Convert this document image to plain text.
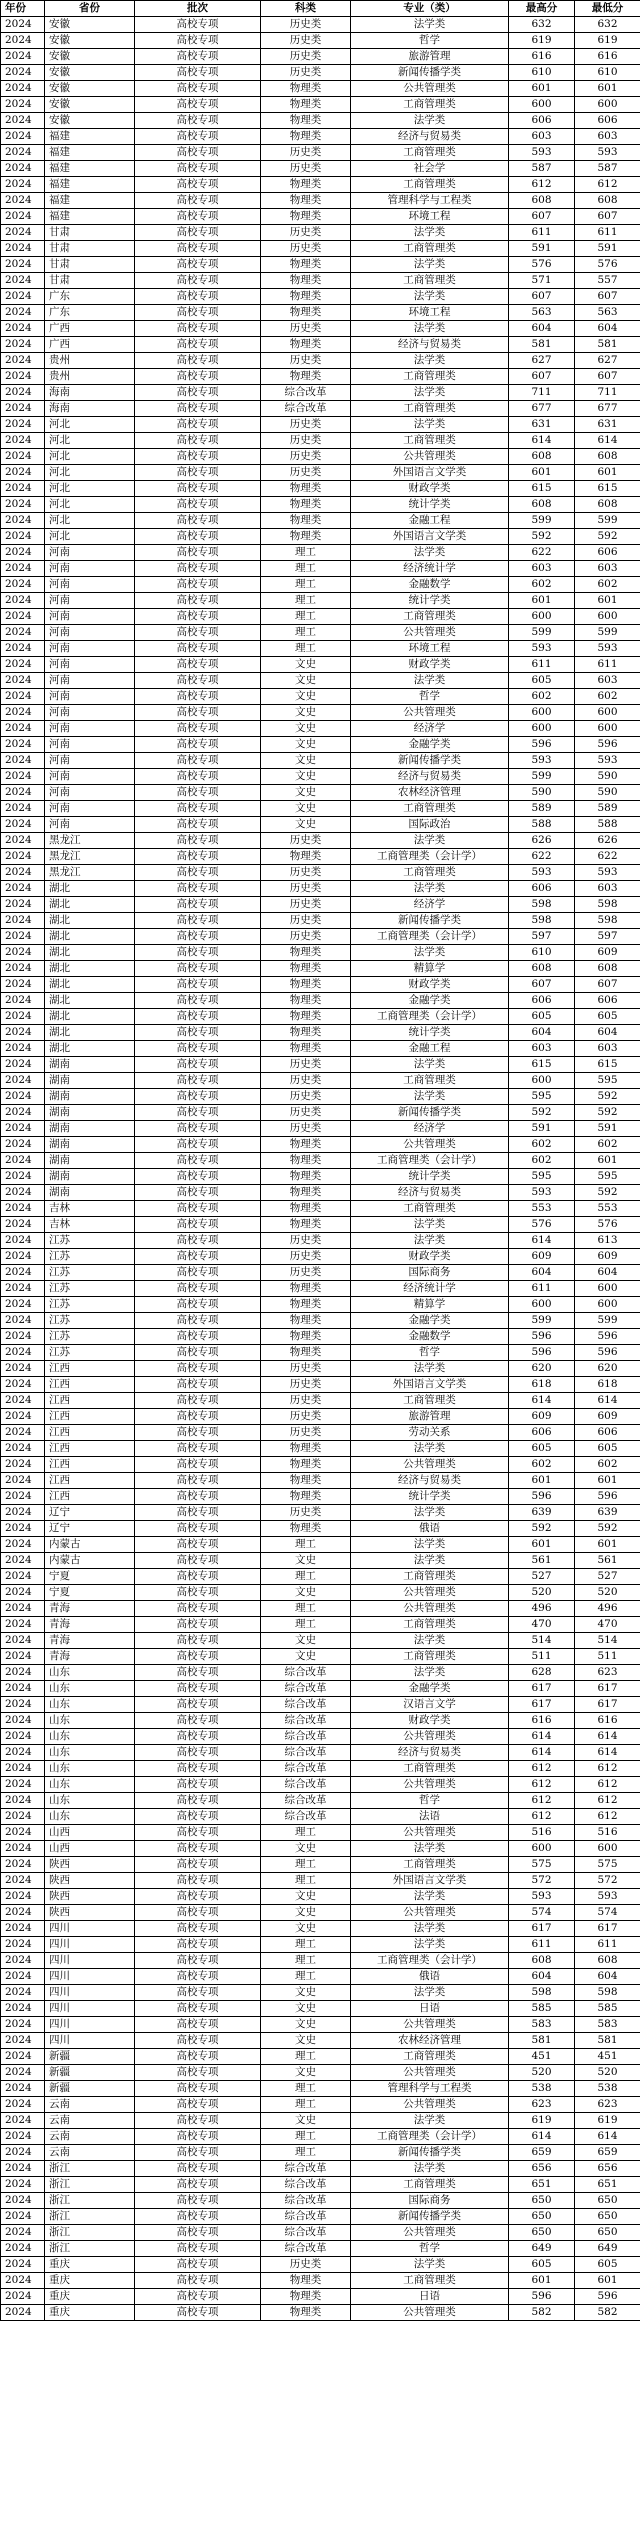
年份	省份	批次	科类	专业（类）	最高分	最低分
2024	安徽	高校专项	历史类	法学类	632	632
2024	安徽	高校专项	历史类	哲学	619	619
2024	安徽	高校专项	历史类	旅游管理	616	616
2024	安徽	高校专项	历史类	新闻传播学类	610	610
2024	安徽	高校专项	物理类	公共管理类	601	601
2024	安徽	高校专项	物理类	工商管理类	600	600
2024	安徽	高校专项	物理类	法学类	606	606
2024	福建	高校专项	物理类	经济与贸易类	603	603
2024	福建	高校专项	历史类	工商管理类	593	593
2024	福建	高校专项	历史类	社会学	587	587
2024	福建	高校专项	物理类	工商管理类	612	612
2024	福建	高校专项	物理类	管理科学与工程类	608	608
2024	福建	高校专项	物理类	环境工程	607	607
2024	甘肃	高校专项	历史类	法学类	611	611
2024	甘肃	高校专项	历史类	工商管理类	591	591
2024	甘肃	高校专项	物理类	法学类	576	576
2024	甘肃	高校专项	物理类	工商管理类	571	557
2024	广东	高校专项	物理类	法学类	607	607
2024	广东	高校专项	物理类	环境工程	563	563
2024	广西	高校专项	历史类	法学类	604	604
2024	广西	高校专项	物理类	经济与贸易类	581	581
2024	贵州	高校专项	历史类	法学类	627	627
2024	贵州	高校专项	物理类	工商管理类	607	607
2024	海南	高校专项	综合改革	法学类	711	711
2024	海南	高校专项	综合改革	工商管理类	677	677
2024	河北	高校专项	历史类	法学类	631	631
2024	河北	高校专项	历史类	工商管理类	614	614
2024	河北	高校专项	历史类	公共管理类	608	608
2024	河北	高校专项	历史类	外国语言文学类	601	601
2024	河北	高校专项	物理类	财政学类	615	615
2024	河北	高校专项	物理类	统计学类	608	608
2024	河北	高校专项	物理类	金融工程	599	599
2024	河北	高校专项	物理类	外国语言文学类	592	592
2024	河南	高校专项	理工	法学类	622	606
2024	河南	高校专项	理工	经济统计学	603	603
2024	河南	高校专项	理工	金融数学	602	602
2024	河南	高校专项	理工	统计学类	601	601
2024	河南	高校专项	理工	工商管理类	600	600
2024	河南	高校专项	理工	公共管理类	599	599
2024	河南	高校专项	理工	环境工程	593	593
2024	河南	高校专项	文史	财政学类	611	611
2024	河南	高校专项	文史	法学类	605	603
2024	河南	高校专项	文史	哲学	602	602
2024	河南	高校专项	文史	公共管理类	600	600
2024	河南	高校专项	文史	经济学	600	600
2024	河南	高校专项	文史	金融学类	596	596
2024	河南	高校专项	文史	新闻传播学类	593	593
2024	河南	高校专项	文史	经济与贸易类	599	590
2024	河南	高校专项	文史	农林经济管理	590	590
2024	河南	高校专项	文史	工商管理类	589	589
2024	河南	高校专项	文史	国际政治	588	588
2024	黑龙江	高校专项	历史类	法学类	626	626
2024	黑龙江	高校专项	物理类	工商管理类（会计学）	622	622
2024	黑龙江	高校专项	历史类	工商管理类	593	593
2024	湖北	高校专项	历史类	法学类	606	603
2024	湖北	高校专项	历史类	经济学	598	598
2024	湖北	高校专项	历史类	新闻传播学类	598	598
2024	湖北	高校专项	历史类	工商管理类（会计学）	597	597
2024	湖北	高校专项	物理类	法学类	610	609
2024	湖北	高校专项	物理类	精算学	608	608
2024	湖北	高校专项	物理类	财政学类	607	607
2024	湖北	高校专项	物理类	金融学类	606	606
2024	湖北	高校专项	物理类	工商管理类（会计学）	605	605
2024	湖北	高校专项	物理类	统计学类	604	604
2024	湖北	高校专项	物理类	金融工程	603	603
2024	湖南	高校专项	历史类	法学类	615	615
2024	湖南	高校专项	历史类	工商管理类	600	595
2024	湖南	高校专项	历史类	法学类	595	592
2024	湖南	高校专项	历史类	新闻传播学类	592	592
2024	湖南	高校专项	历史类	经济学	591	591
2024	湖南	高校专项	物理类	公共管理类	602	602
2024	湖南	高校专项	物理类	工商管理类（会计学）	602	601
2024	湖南	高校专项	物理类	统计学类	595	595
2024	湖南	高校专项	物理类	经济与贸易类	593	592
2024	吉林	高校专项	物理类	工商管理类	553	553
2024	吉林	高校专项	物理类	法学类	576	576
2024	江苏	高校专项	历史类	法学类	614	613
2024	江苏	高校专项	历史类	财政学类	609	609
2024	江苏	高校专项	历史类	国际商务	604	604
2024	江苏	高校专项	物理类	经济统计学	611	600
2024	江苏	高校专项	物理类	精算学	600	600
2024	江苏	高校专项	物理类	金融学类	599	599
2024	江苏	高校专项	物理类	金融数学	596	596
2024	江苏	高校专项	物理类	哲学	596	596
2024	江西	高校专项	历史类	法学类	620	620
2024	江西	高校专项	历史类	外国语言文学类	618	618
2024	江西	高校专项	历史类	工商管理类	614	614
2024	江西	高校专项	历史类	旅游管理	609	609
2024	江西	高校专项	历史类	劳动关系	606	606
2024	江西	高校专项	物理类	法学类	605	605
2024	江西	高校专项	物理类	公共管理类	602	602
2024	江西	高校专项	物理类	经济与贸易类	601	601
2024	江西	高校专项	物理类	统计学类	596	596
2024	辽宁	高校专项	历史类	法学类	639	639
2024	辽宁	高校专项	物理类	俄语	592	592
2024	内蒙古	高校专项	理工	法学类	601	601
2024	内蒙古	高校专项	文史	法学类	561	561
2024	宁夏	高校专项	理工	工商管理类	527	527
2024	宁夏	高校专项	文史	公共管理类	520	520
2024	青海	高校专项	理工	公共管理类	496	496
2024	青海	高校专项	理工	工商管理类	470	470
2024	青海	高校专项	文史	法学类	514	514
2024	青海	高校专项	文史	工商管理类	511	511
2024	山东	高校专项	综合改革	法学类	628	623
2024	山东	高校专项	综合改革	金融学类	617	617
2024	山东	高校专项	综合改革	汉语言文学	617	617
2024	山东	高校专项	综合改革	财政学类	616	616
2024	山东	高校专项	综合改革	公共管理类	614	614
2024	山东	高校专项	综合改革	经济与贸易类	614	614
2024	山东	高校专项	综合改革	工商管理类	612	612
2024	山东	高校专项	综合改革	公共管理类	612	612
2024	山东	高校专项	综合改革	哲学	612	612
2024	山东	高校专项	综合改革	法语	612	612
2024	山西	高校专项	理工	公共管理类	516	516
2024	山西	高校专项	文史	法学类	600	600
2024	陕西	高校专项	理工	工商管理类	575	575
2024	陕西	高校专项	理工	外国语言文学类	572	572
2024	陕西	高校专项	文史	法学类	593	593
2024	陕西	高校专项	文史	公共管理类	574	574
2024	四川	高校专项	文史	法学类	617	617
2024	四川	高校专项	理工	法学类	611	611
2024	四川	高校专项	理工	工商管理类（会计学）	608	608
2024	四川	高校专项	理工	俄语	604	604
2024	四川	高校专项	文史	法学类	598	598
2024	四川	高校专项	文史	日语	585	585
2024	四川	高校专项	文史	公共管理类	583	583
2024	四川	高校专项	文史	农林经济管理	581	581
2024	新疆	高校专项	理工	工商管理类	451	451
2024	新疆	高校专项	文史	公共管理类	520	520
2024	新疆	高校专项	理工	管理科学与工程类	538	538
2024	云南	高校专项	理工	公共管理类	623	623
2024	云南	高校专项	文史	法学类	619	619
2024	云南	高校专项	理工	工商管理类（会计学）	614	614
2024	云南	高校专项	理工	新闻传播学类	659	659
2024	浙江	高校专项	综合改革	法学类	656	656
2024	浙江	高校专项	综合改革	工商管理类	651	651
2024	浙江	高校专项	综合改革	国际商务	650	650
2024	浙江	高校专项	综合改革	新闻传播学类	650	650
2024	浙江	高校专项	综合改革	公共管理类	650	650
2024	浙江	高校专项	综合改革	哲学	649	649
2024	重庆	高校专项	历史类	法学类	605	605
2024	重庆	高校专项	物理类	工商管理类	601	601
2024	重庆	高校专项	物理类	日语	596	596
2024	重庆	高校专项	物理类	公共管理类	582	582
